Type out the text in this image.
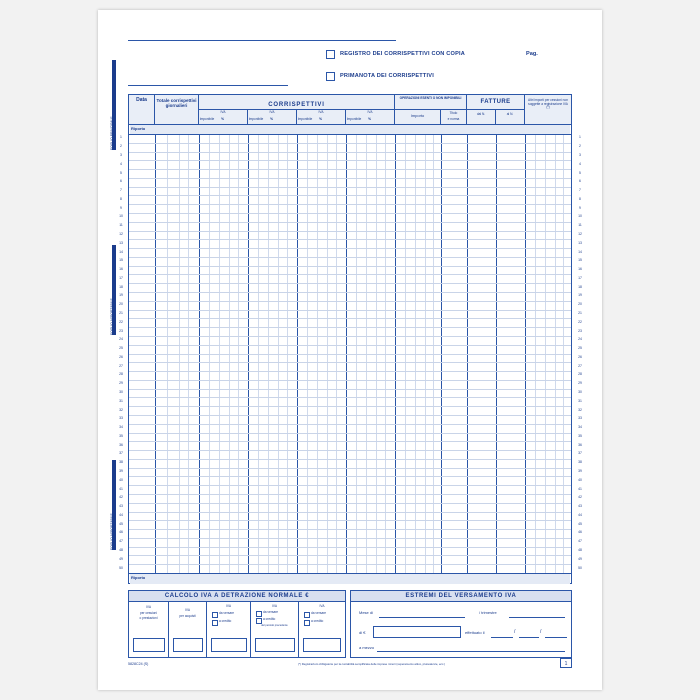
REGISTRO DEI CORRISPETTIVI CON COPIA
PRIMANOTA DEI CORRISPETTIVI
Pag.
FOGLIO PRINCIPALE
FOGLIO ASPORTABILE
FOGLIO ASPORTABILE
Data	Totale corrispettivi giornalieri	CORRISPETTIVI
IVA
Imponibile	%
IVA
Imponibile	%
IVA
Imponibile	%
IVA
Imponibile	%
OPERAZIONI ESENTI O NON IMPONIBILI
Importo	Titolo
e norma
FATTURE
dal N.	al N.
Altri importi per cessioni non soggette a registrazione IVA (*)
Riporto
Riporto
1
2
3
4
5
6
7
8
9
10
11
12
13
14
15
16
17
18
19
20
21
22
23
24
25
26
27
28
29
30
31
32
33
34
35
36
37
38
39
40
41
42
43
44
45
46
47
48
49
50
1
2
3
4
5
6
7
8
9
10
11
12
13
14
15
16
17
18
19
20
21
22
23
24
25
26
27
28
29
30
31
32
33
34
35
36
37
38
39
40
41
42
43
44
45
46
47
48
49
50
CALCOLO IVA A DETRAZIONE NORMALE €
IVA
per cessioni
o prestazioni
IVA
per acquisti
IVA
da versare
a credito
IVA
da versare
a credito
del periodo precedente
IVA
da versare
a credito
ESTREMI DEL VERSAMENTO IVA
Mese di	/ trimestre
di €	effettuato il	/	/
a mezzo
5828C24 (S)	(*) Registrazioni obbligatorie per la contabilità semplificata delle imprese minori (superamento attivo, plusvalenze, ecc.)	1
